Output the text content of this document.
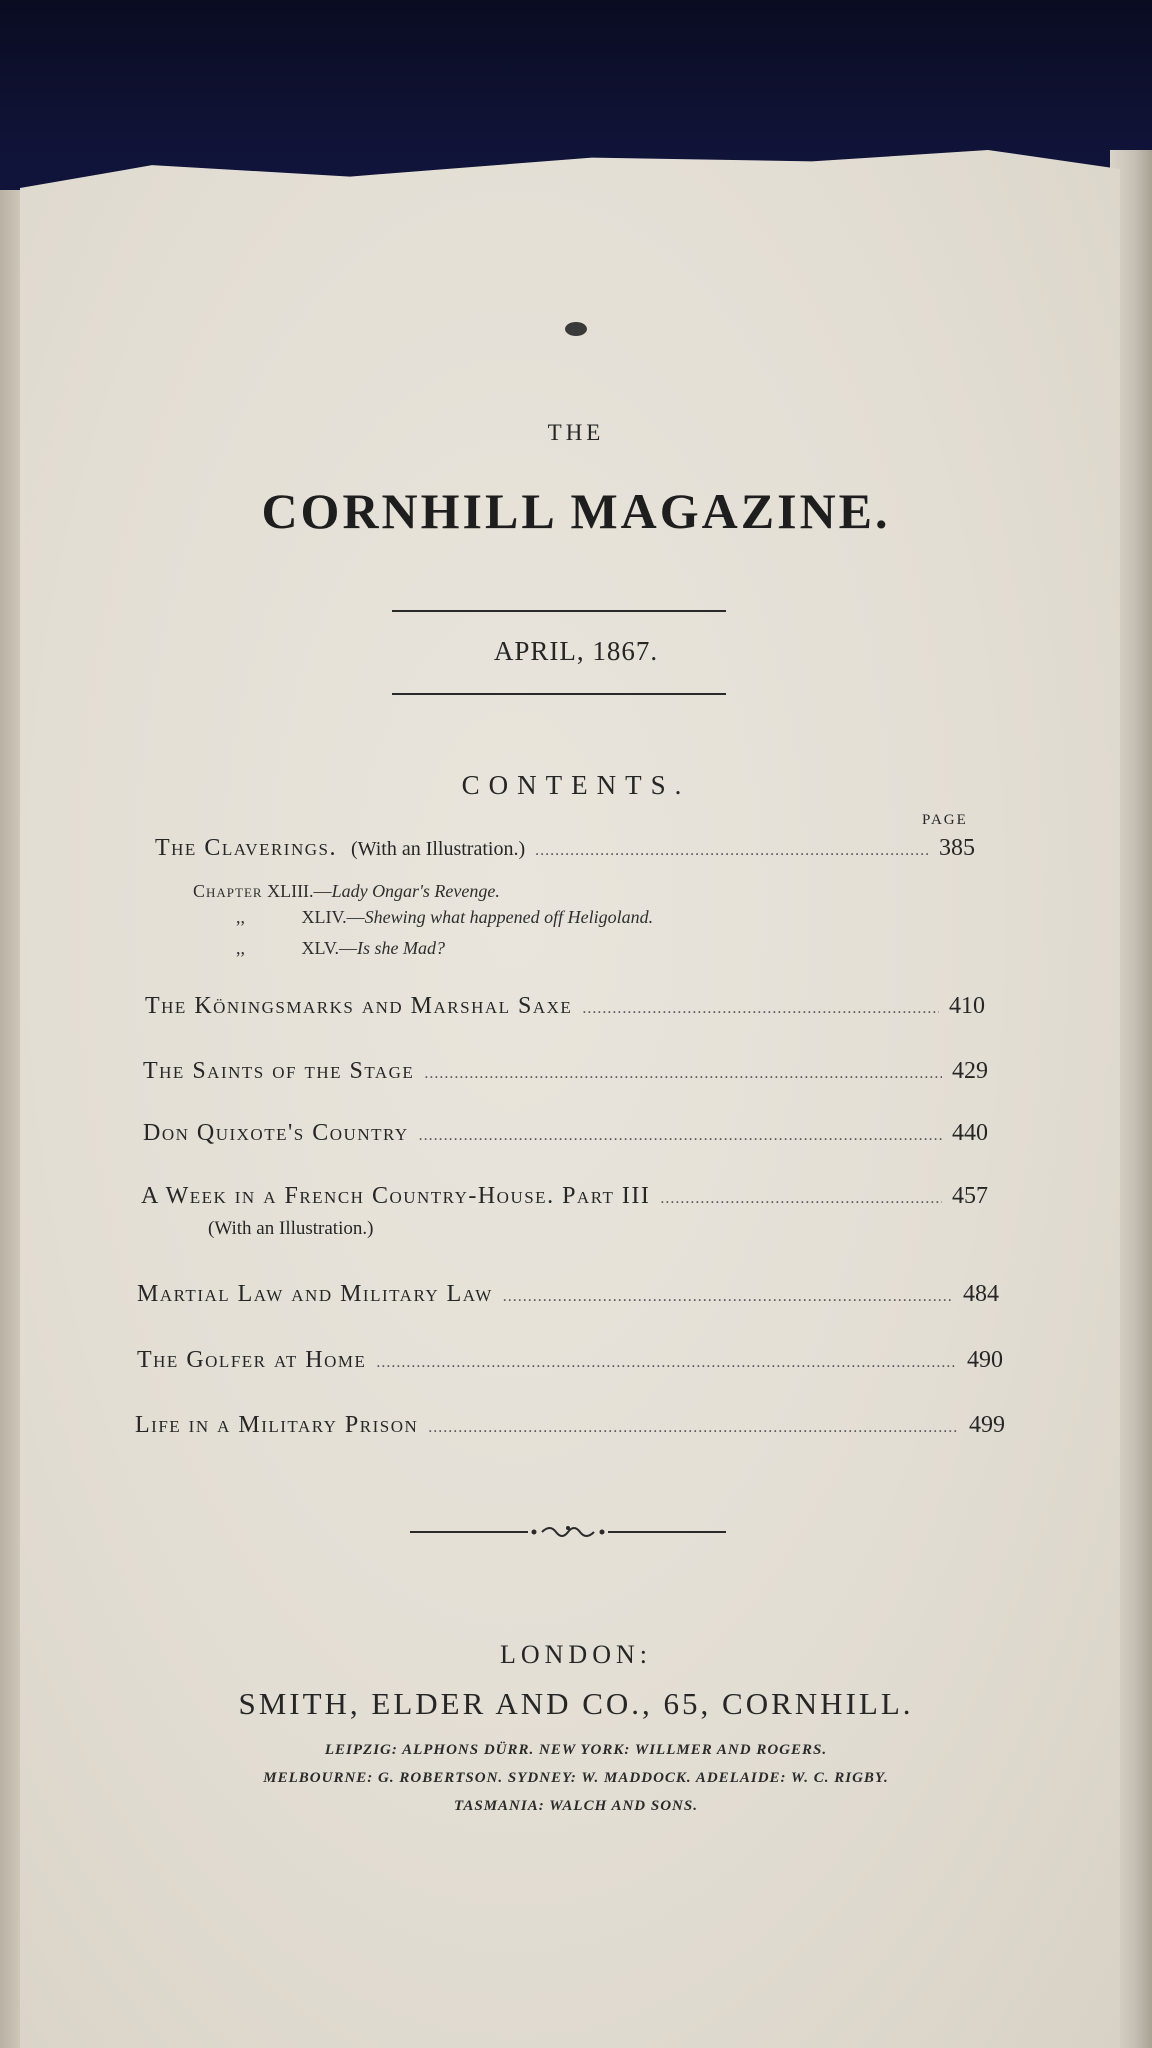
THE
CORNHILL MAGAZINE.
APRIL, 1867.
CONTENTS.
PAGE
The Claverings. (With an Illustration.) .....	385
Chapter XLIII.—Lady Ongar's Revenge.
,,	XLIV.—Shewing what happened off Heligoland.
,,	XLV.—Is she Mad?
The Köningsmarks and Marshal Saxe .....	410
The Saints of the Stage .....	429
Don Quixote's Country .....	440
A Week in a French Country-House. Part III .....	457
(With an Illustration.)
Martial Law and Military Law .....	484
The Golfer at Home .....	490
Life in a Military Prison .....	499
LONDON:
SMITH, ELDER AND CO., 65, CORNHILL.
LEIPZIG: ALPHONS DÜRR. NEW YORK: WILLMER AND ROGERS.
MELBOURNE: G. ROBERTSON. SYDNEY: W. MADDOCK. ADELAIDE: W. C. RIGBY.
TASMANIA: WALCH AND SONS.
